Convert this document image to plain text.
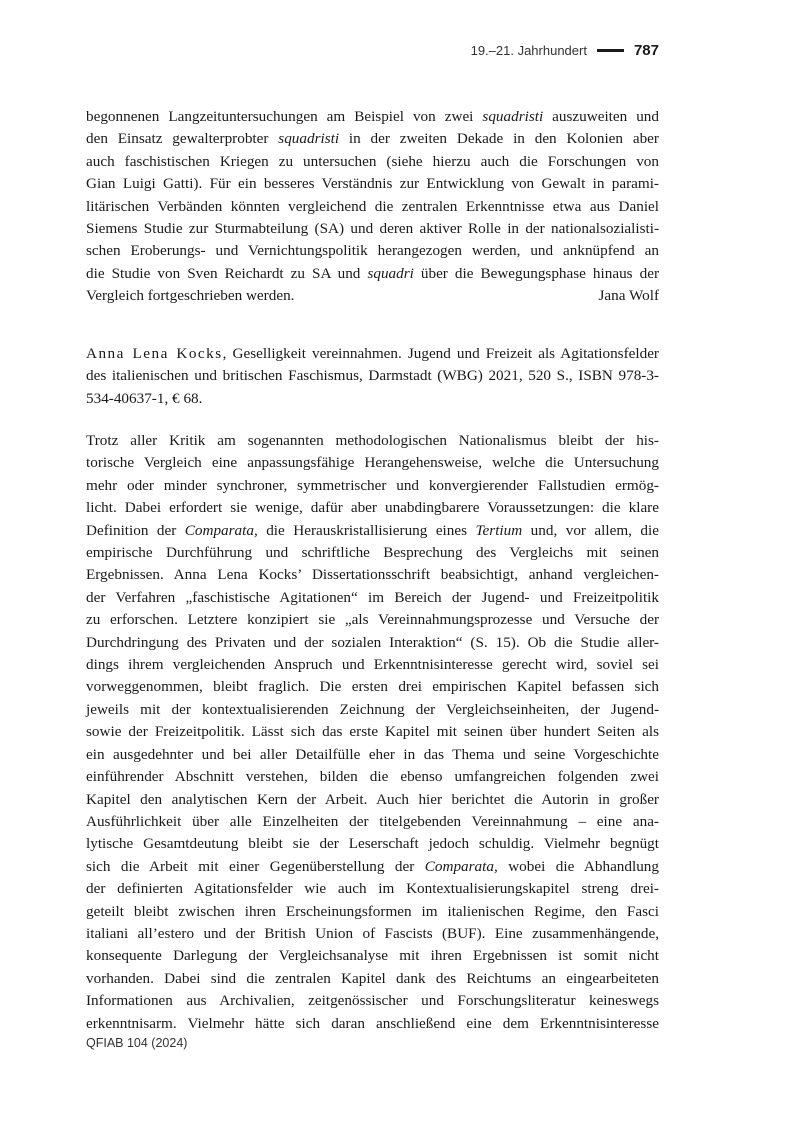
19.–21. Jahrhundert	787
begonnenen Langzeituntersuchungen am Beispiel von zwei squadristi auszuweiten und
den Einsatz gewalterprobter squadristi in der zweiten Dekade in den Kolonien aber
auch faschistischen Kriegen zu untersuchen (siehe hierzu auch die Forschungen von
Gian Luigi Gatti). Für ein besseres Verständnis zur Entwicklung von Gewalt in parami-
litärischen Verbänden könnten vergleichend die zentralen Erkenntnisse etwa aus Daniel
Siemens Studie zur Sturmabteilung (SA) und deren aktiver Rolle in der nationalsozialisti-
schen Eroberungs- und Vernichtungspolitik herangezogen werden, und anknüpfend an
die Studie von Sven Reichardt zu SA und squadri über die Bewegungsphase hinaus der
Vergleich fortgeschrieben werden.	Jana Wolf
Anna Lena Kocks, Geselligkeit vereinnahmen. Jugend und Freizeit als Agitationsfelder
des italienischen und britischen Faschismus, Darmstadt (WBG) 2021, 520 S., ISBN 978-3-
534-40637-1, € 68.
Trotz aller Kritik am sogenannten methodologischen Nationalismus bleibt der his-
torische Vergleich eine anpassungsfähige Herangehensweise, welche die Untersuchung
mehr oder minder synchroner, symmetrischer und konvergierender Fallstudien ermög-
licht. Dabei erfordert sie wenige, dafür aber unabdingbarere Voraussetzungen: die klare
Definition der Comparata, die Herauskristallisierung eines Tertium und, vor allem, die
empirische Durchführung und schriftliche Besprechung des Vergleichs mit seinen
Ergebnissen. Anna Lena Kocks’ Dissertationsschrift beabsichtigt, anhand vergleichen-
der Verfahren „faschistische Agitationen“ im Bereich der Jugend- und Freizeitpolitik
zu erforschen. Letztere konzipiert sie „als Vereinnahmungsprozesse und Versuche der
Durchdringung des Privaten und der sozialen Interaktion“ (S. 15). Ob die Studie aller-
dings ihrem vergleichenden Anspruch und Erkenntnisinteresse gerecht wird, soviel sei
vorweggenommen, bleibt fraglich. Die ersten drei empirischen Kapitel befassen sich
jeweils mit der kontextualisierenden Zeichnung der Vergleichseinheiten, der Jugend-
sowie der Freizeitpolitik. Lässt sich das erste Kapitel mit seinen über hundert Seiten als
ein ausgedehnter und bei aller Detailfülle eher in das Thema und seine Vorgeschichte
einführender Abschnitt verstehen, bilden die ebenso umfangreichen folgenden zwei
Kapitel den analytischen Kern der Arbeit. Auch hier berichtet die Autorin in großer
Ausführlichkeit über alle Einzelheiten der titelgebenden Vereinnahmung – eine ana-
lytische Gesamtdeutung bleibt sie der Leserschaft jedoch schuldig. Vielmehr begnügt
sich die Arbeit mit einer Gegenüberstellung der Comparata, wobei die Abhandlung
der definierten Agitationsfelder wie auch im Kontextualisierungskapitel streng drei-
geteilt bleibt zwischen ihren Erscheinungsformen im italienischen Regime, den Fasci
italiani all’estero und der British Union of Fascists (BUF). Eine zusammenhängende,
konsequente Darlegung der Vergleichsanalyse mit ihren Ergebnissen ist somit nicht
vorhanden. Dabei sind die zentralen Kapitel dank des Reichtums an eingearbeiteten
Informationen aus Archivalien, zeitgenössischer und Forschungsliteratur keineswegs
erkenntnisarm. Vielmehr hätte sich daran anschließend eine dem Erkenntnisinteresse
QFIAB 104 (2024)
